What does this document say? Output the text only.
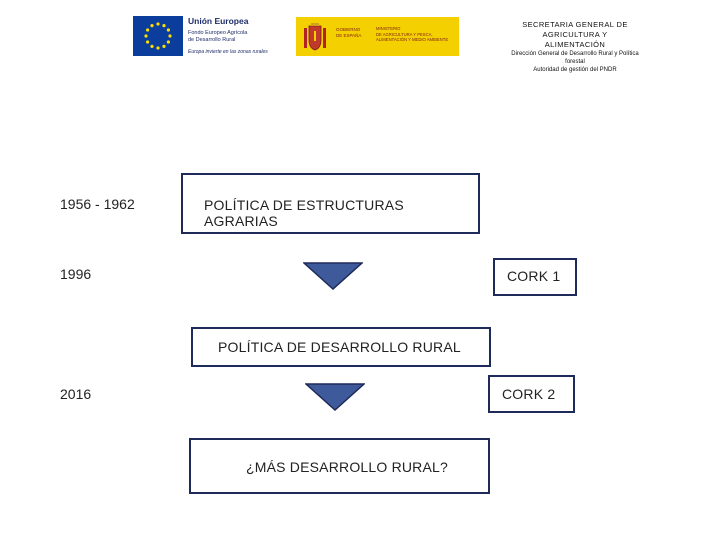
Unión Europea
Fondo Europeo Agrícola
de Desarrollo Rural
Europa invierte en las zonas rurales
GOBIERNO
DE ESPAÑA
MINISTERIO
DE AGRICULTURA Y PESCA,
ALIMENTACIÓN Y MEDIO AMBIENTE
SECRETARIA GENERAL DE AGRICULTURA Y
ALIMENTACIÓN
Dirección General de Desarrollo Rural y Política
forestal
Autoridad de gestión del PNDR
1956 - 1962	POLÍTICA DE ESTRUCTURAS AGRARIAS
1996	CORK 1
POLÍTICA DE DESARROLLO RURAL
2016	CORK 2
¿MÁS DESARROLLO RURAL?
